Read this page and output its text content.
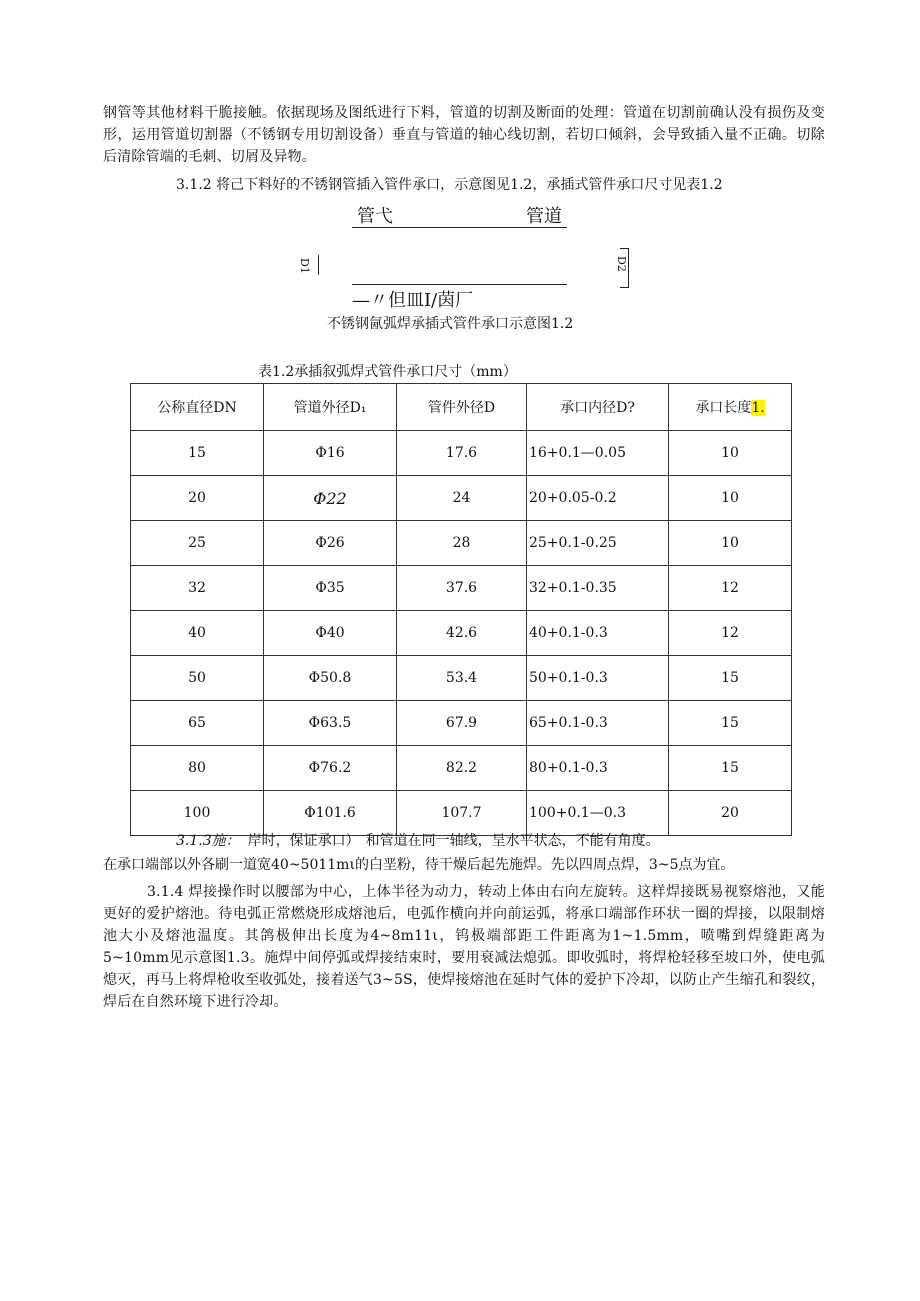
钢管等其他材料干脆接触。依据现场及图纸进行下料，管道的切割及断面的处理：管道在切割前确认没有损伤及变形，运用管道切割器（不锈钢专用切割设备）垂直与管道的轴心线切割，若切口倾斜，会导致插入量不正确。切除后清除管端的毛刺、切屑及异物。

3.1.2 将己下料好的不锈钢管插入管件承口，示意图见1.2，承插式管件承口尺寸见表1.2

管弋	管道
D1	D2
—〃但皿Ⅰ/茵厂

不锈钢氤弧焊承插式管件承口示意图1.2

表1.2承插叙弧焊式管件承口尺寸（mm）

公称直径DN	管道外径D₁	管件外径D	承口内径D?	承口长度1.
15	Φ16	17.6	16+0.1—0.05	10
20	Φ22	24	20+0.05-0.2	10
25	Φ26	28	25+0.1-0.25	10
32	Φ35	37.6	32+0.1-0.35	12
40	Φ40	42.6	40+0.1-0.3	12
50	Φ50.8	53.4	50+0.1-0.3	15
65	Φ63.5	67.9	65+0.1-0.3	15
80	Φ76.2	82.2	80+0.1-0.3	15
100	Φ101.6	107.7	100+0.1—0.3	20

3.1.3施： 岸时，保证承口） 和管道在同一轴线，呈水平状态，不能有角度。

在承口端部以外各刷一道宽40~5011mι的白垩粉，待干燥后起先施焊。先以四周点焊，3~5点为宜。

3.1.4 焊接操作时以腰部为中心，上体半径为动力，转动上体由右向左旋转。这样焊接既易视察熔池，又能更好的爱护熔池。待电弧正常燃烧形成熔池后，电弧作横向并向前运弧，将承口端部作环状一圈的焊接，以限制熔池大小及熔池温度。其鸽极伸出长度为4~8m11ι，钨极端部距工件距离为1~1.5mm，喷嘴到焊缝距离为5~10mm见示意图1.3。施焊中间停弧或焊接结束时，要用衰减法熄弧。即收弧时，将焊枪轻移至坡口外，使电弧熄灭，再马上将焊枪收至收弧处，接着送气3~5S，使焊接熔池在延时气体的爱护下冷却，以防止产生缩孔和裂纹，焊后在自然环境下进行冷却。
